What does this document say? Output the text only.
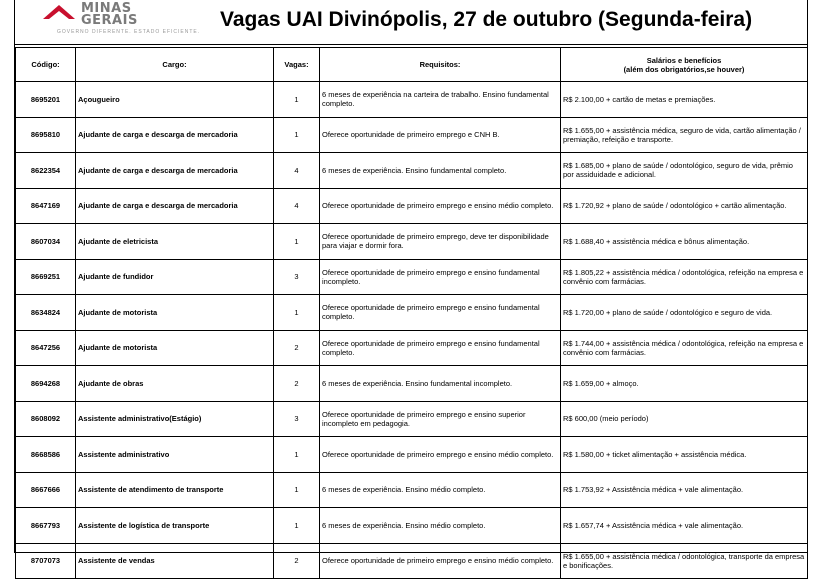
MINAS GERAIS
GOVERNO DIFERENTE. ESTADO EFICIENTE.
Vagas UAI Divinópolis, 27 de outubro (Segunda-feira)
Código:	Cargo:	Vagas:	Requisitos:	Salários e benefícios
(além dos obrigatórios,se houver)

8695201	Açougueiro	1	6 meses de experiência na carteira de trabalho. Ensino fundamental completo.	R$ 2.100,00 + cartão de metas e premiações.
8695810	Ajudante de carga e descarga de mercadoria	1	Oferece oportunidade de primeiro emprego e CNH B.	R$ 1.655,00 + assistência médica, seguro de vida, cartão alimentação / premiação, refeição e transporte.
8622354	Ajudante de carga e descarga de mercadoria	4	6 meses de experiência. Ensino fundamental completo.	R$ 1.685,00 + plano de saúde / odontológico, seguro de vida, prêmio por assiduidade e adicional.
8647169	Ajudante de carga e descarga de mercadoria	4	Oferece oportunidade de primeiro emprego e ensino médio completo.	R$ 1.720,92 + plano de saúde / odontológico + cartão alimentação.
8607034	Ajudante de eletricista	1	Oferece oportunidade de primeiro emprego, deve ter disponibilidade para viajar e dormir fora.	R$ 1.688,40 + assistência médica e bônus alimentação.
8669251	Ajudante de fundidor	3	Oferece oportunidade de primeiro emprego e ensino fundamental incompleto.	R$ 1.805,22 + assistência médica / odontológica, refeição na empresa e convênio com farmácias.
8634824	Ajudante de motorista	1	Oferece oportunidade de primeiro emprego e ensino fundamental completo.	R$ 1.720,00 + plano de saúde / odontológico e seguro de vida.
8647256	Ajudante de motorista	2	Oferece oportunidade de primeiro emprego e ensino fundamental completo.	R$ 1.744,00 + assistência médica / odontológica, refeição na empresa e convênio com farmácias.
8694268	Ajudante de obras	2	6 meses de experiência. Ensino fundamental incompleto.	R$ 1.659,00 + almoço.
8608092	Assistente administrativo(Estágio)	3	Oferece oportunidade de primeiro emprego e ensino superior incompleto em pedagogia.	R$ 600,00 (meio período)
8668586	Assistente administrativo	1	Oferece oportunidade de primeiro emprego e ensino médio completo.	R$ 1.580,00 + ticket alimentação + assistência médica.
8667666	Assistente de atendimento de transporte	1	6 meses de experiência. Ensino médio completo.	R$ 1.753,92 + Assistência médica + vale alimentação.
8667793	Assistente de logística de transporte	1	6 meses de experiência. Ensino médio completo.	R$ 1.657,74 + Assistência médica + vale alimentação.
8707073	Assistente de vendas	2	Oferece oportunidade de primeiro emprego e ensino médio completo.	R$ 1.655,00 + assistência médica / odontológica, transporte da empresa e bonificações.
